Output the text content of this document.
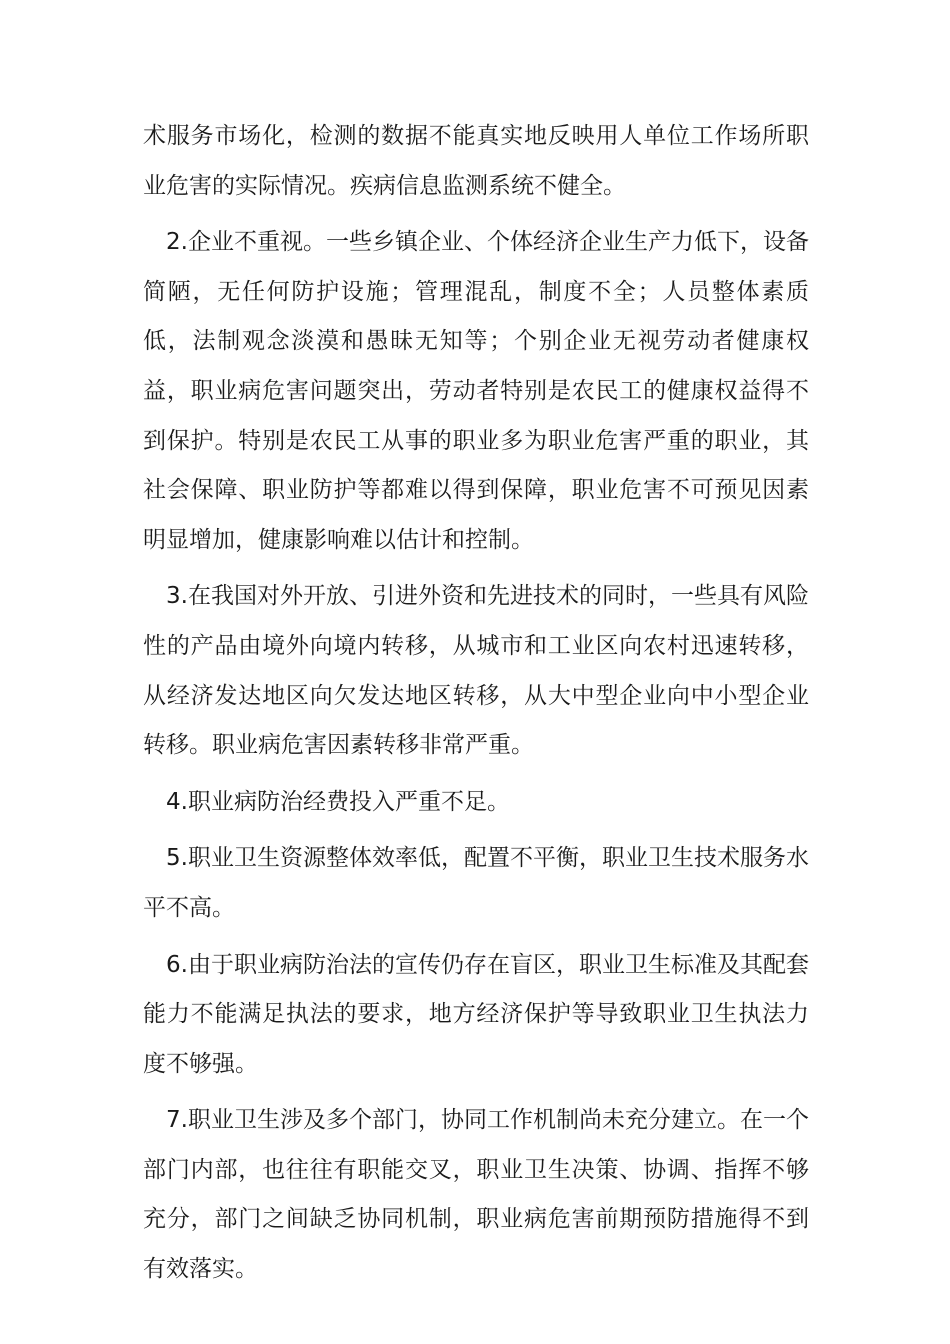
术服务市场化，检测的数据不能真实地反映用人单位工作场所职业危害的实际情况。疾病信息监测系统不健全。

2.企业不重视。一些乡镇企业、个体经济企业生产力低下，设备简陋，无任何防护设施；管理混乱，制度不全；人员整体素质低，法制观念淡漠和愚昧无知等；个别企业无视劳动者健康权益，职业病危害问题突出，劳动者特别是农民工的健康权益得不到保护。特别是农民工从事的职业多为职业危害严重的职业，其社会保障、职业防护等都难以得到保障，职业危害不可预见因素明显增加，健康影响难以估计和控制。

3.在我国对外开放、引进外资和先进技术的同时，一些具有风险性的产品由境外向境内转移，从城市和工业区向农村迅速转移，从经济发达地区向欠发达地区转移，从大中型企业向中小型企业转移。职业病危害因素转移非常严重。

4.职业病防治经费投入严重不足。

5.职业卫生资源整体效率低，配置不平衡，职业卫生技术服务水平不高。

6.由于职业病防治法的宣传仍存在盲区，职业卫生标准及其配套能力不能满足执法的要求，地方经济保护等导致职业卫生执法力度不够强。

7.职业卫生涉及多个部门，协同工作机制尚未充分建立。在一个部门内部，也往往有职能交叉，职业卫生决策、协调、指挥不够充分，部门之间缺乏协同机制，职业病危害前期预防措施得不到有效落实。
